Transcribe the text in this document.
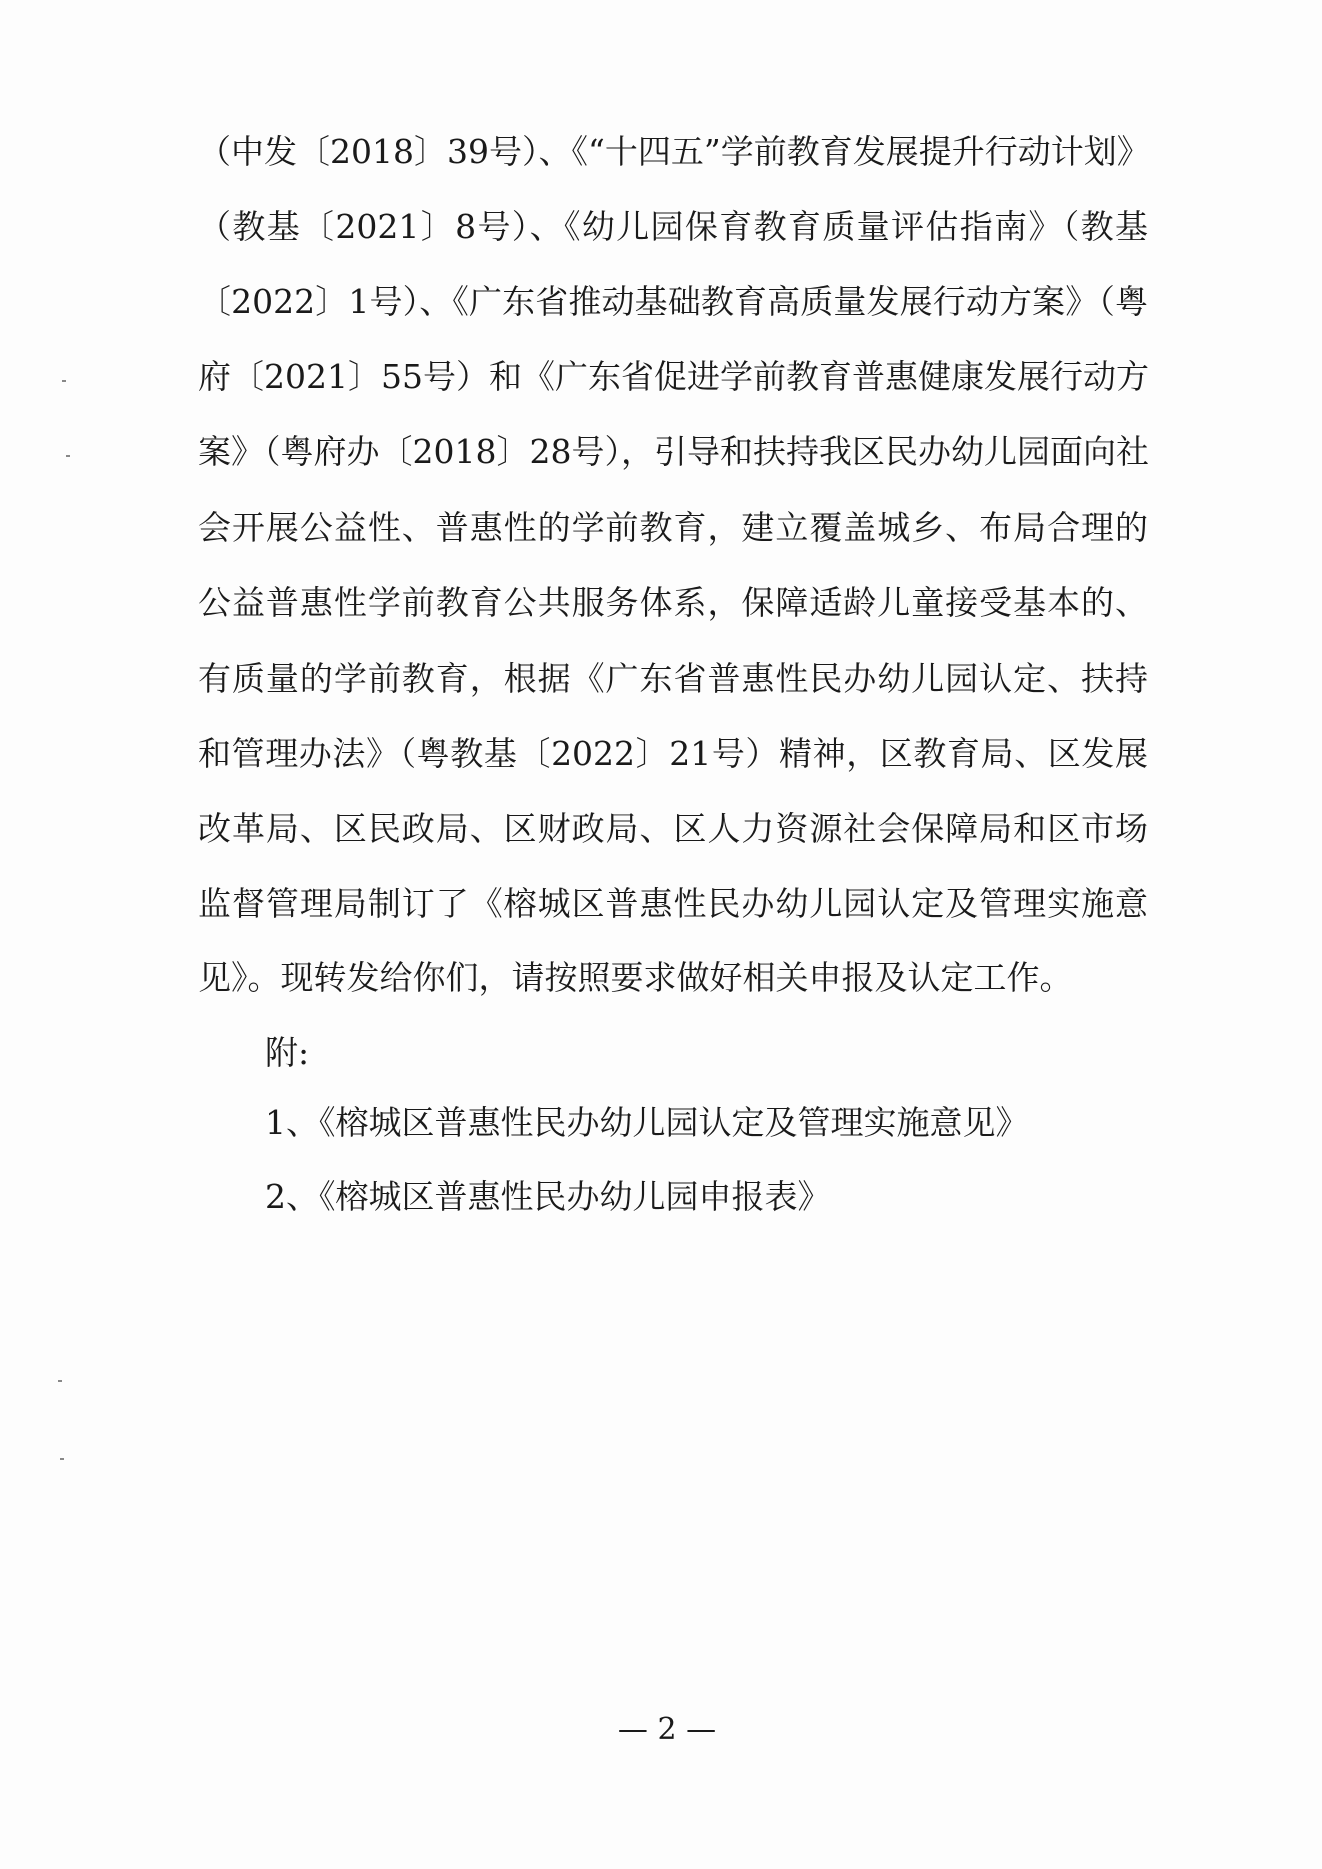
（中发〔2018〕39号）、《“十四五”学前教育发展提升行动计划》
（教基〔2021〕8号）、《幼儿园保育教育质量评估指南》（教基
〔2022〕1号）、《广东省推动基础教育高质量发展行动方案》（粤
府〔2021〕55号）和《广东省促进学前教育普惠健康发展行动方
案》（粤府办〔2018〕28号），引导和扶持我区民办幼儿园面向社
会开展公益性、普惠性的学前教育，建立覆盖城乡、布局合理的
公益普惠性学前教育公共服务体系，保障适龄儿童接受基本的、
有质量的学前教育，根据《广东省普惠性民办幼儿园认定、扶持
和管理办法》（粤教基〔2022〕21号）精神，区教育局、区发展
改革局、区民政局、区财政局、区人力资源社会保障局和区市场
监督管理局制订了《榕城区普惠性民办幼儿园认定及管理实施意
见》。现转发给你们，请按照要求做好相关申报及认定工作。
附:
1、《榕城区普惠性民办幼儿园认定及管理实施意见》
2、《榕城区普惠性民办幼儿园申报表》
— 2 —
